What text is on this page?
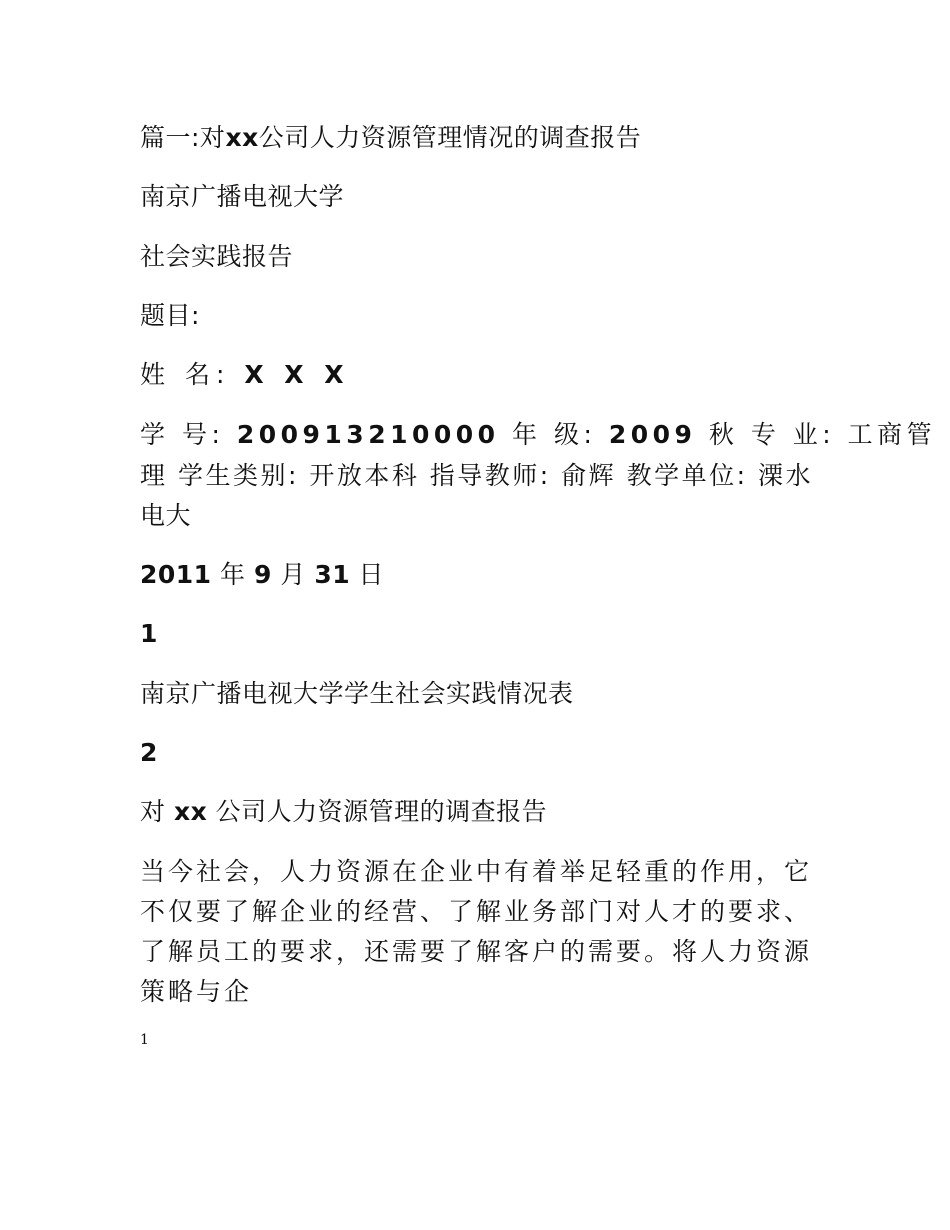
篇一:对xx公司人力资源管理情况的调查报告
南京广播电视大学
社会实践报告
题目:
姓 名: X X X
学 号: 200913210000 年 级: 2009 秋 专 业: 工商管
理 学生类别: 开放本科 指导教师: 俞辉 教学单位: 溧水
电大
2011 年 9 月 31 日
1
南京广播电视大学学生社会实践情况表
2
对 xx 公司人力资源管理的调查报告

当今社会，人力资源在企业中有着举足轻重的作用，它

不仅要了解企业的经营、了解业务部门对人才的要求、

了解员工的要求，还需要了解客户的需要。将人力资源

策略与企

1
